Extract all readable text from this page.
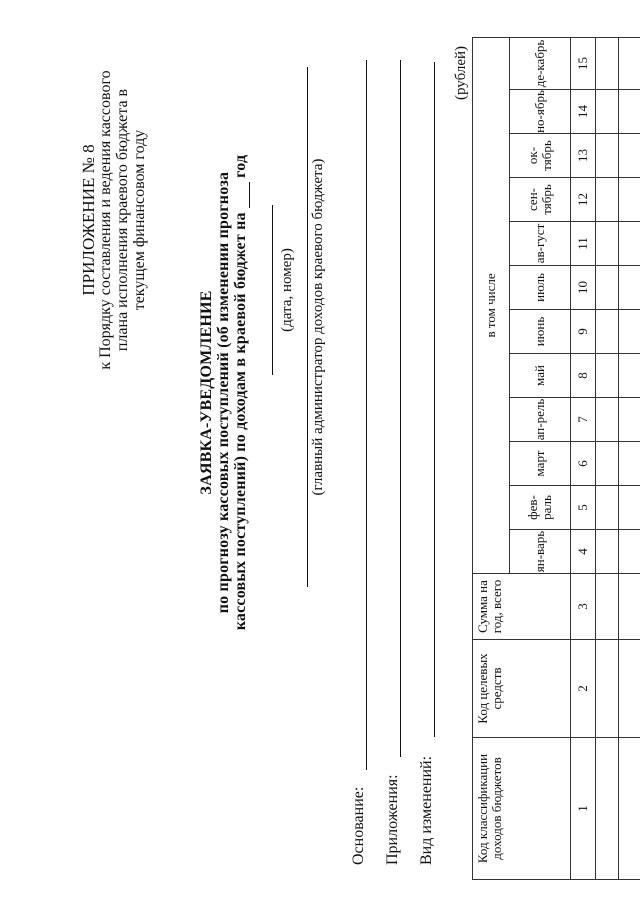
ПРИЛОЖЕНИЕ № 8 к Порядку составления и ведения кассового плана исполнения краевого бюджета в текущем финансовом году
ЗАЯВКА-УВЕДОМЛЕНИЕ по прогнозу кассовых поступлений (об изменении прогноза кассовых поступлений) по доходам в краевой бюджет на   год
(дата, номер) (главный администратор доходов краевого бюджета)
Основание: Приложения: Вид изменений:
(рублей)
Код классификации доходов бюджетов	Код целевых средств	Сумма на год, всего	в том числе											
			ян-варь	фев-раль	март	ап-рель	май	июнь	июль	ав-густ	сен-тябрь	ок-тябрь	но-ябрь	де-кабрь
1	2	3	4	5	6	7	8	9	10	11	12	13	14	15
